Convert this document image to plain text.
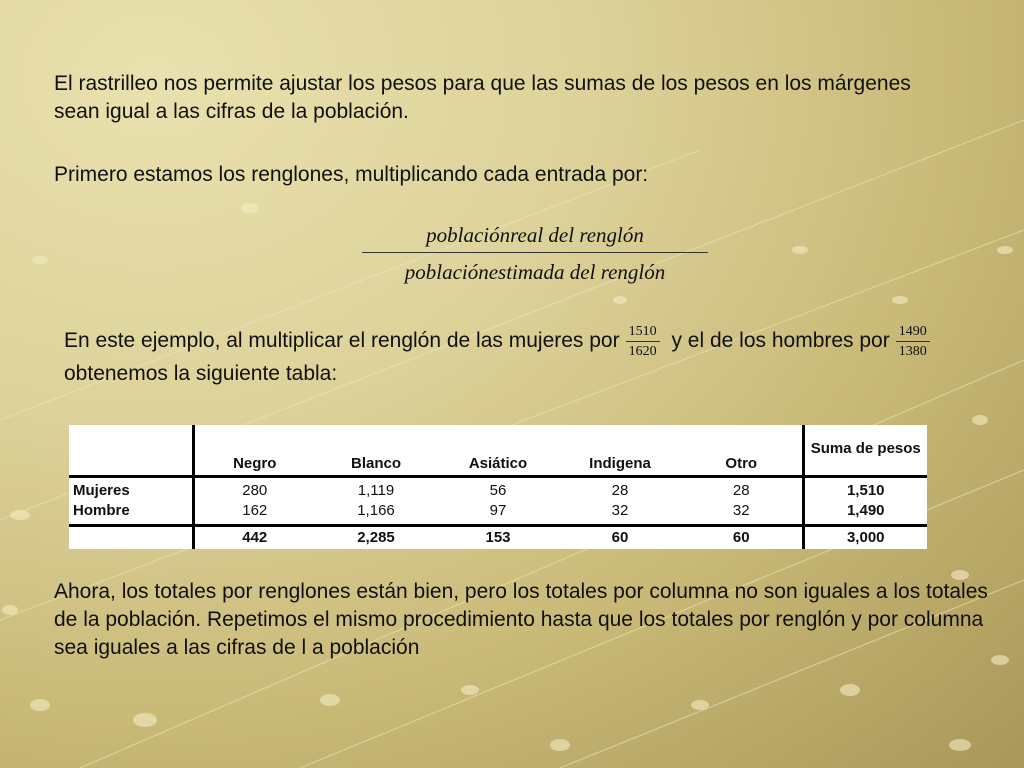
El rastrilleo nos permite ajustar los pesos para que las sumas de los pesos en los márgenes sean igual a las cifras de la población.

Primero estamos los renglones, multiplicando cada entrada por:

poblaciónreal del renglón
poblaciónestimada del renglón

En este ejemplo, al multiplicar el renglón de las mujeres por $\frac{1510}{1620}$ y el de los hombres por $\frac{1490}{1380}$
obtenemos la siguiente tabla:

	Negro	Blanco	Asiático	Indigena	Otro	Suma de pesos
Mujeres	280	1,119	56	28	28	1,510
Hombre	162	1,166	97	32	32	1,490
	442	2,285	153	60	60	3,000

Ahora, los totales por renglones están bien, pero los totales por columna no son iguales a los totales de la población. Repetimos el mismo procedimiento hasta que los totales por renglón y por columna sea iguales a las cifras de l a población
